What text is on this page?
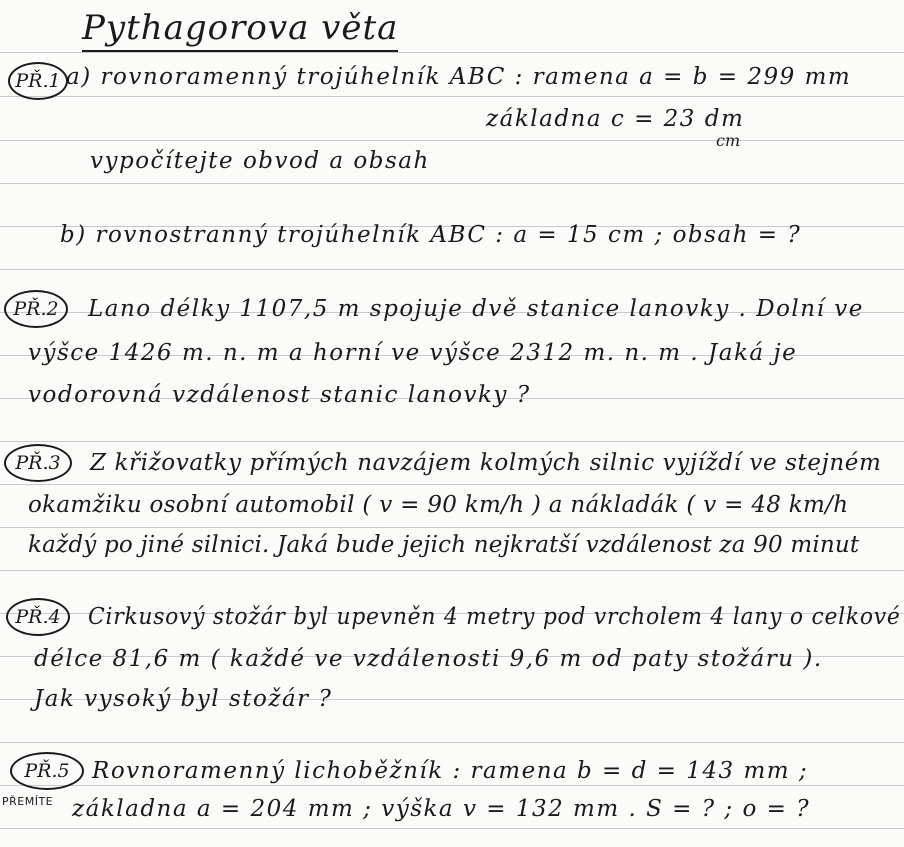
Pythagorova věta
PŘ.1 a) rovnoramenný trojúhelník ABC : ramena a = b = 299 mm
základna c = 23 dm
cm
vypočítejte obvod a obsah
b) rovnostranný trojúhelník ABC : a = 15 cm ; obsah = ?
PŘ.2	Lano délky 1107,5 m spojuje dvě stanice lanovky . Dolní ve
výšce 1426 m. n. m a horní ve výšce 2312 m. n. m . Jaká je
vodorovná vzdálenost stanic lanovky ?
PŘ.3	Z křižovatky přímých navzájem kolmých silnic vyjíždí ve stejném
okamžiku osobní automobil ( v = 90 km/h ) a nákladák ( v = 48 km/h
každý po jiné silnici. Jaká bude jejich nejkratší vzdálenost za 90 minut
PŘ.4	Cirkusový stožár byl upevněn 4 metry pod vrcholem 4 lany o celkové
délce 81,6 m ( každé ve vzdálenosti 9,6 m od paty stožáru ).
Jak vysoký byl stožár ?
PŘ.5 Rovnoramenný lichoběžník : ramena b = d = 143 mm ;
PŘEMÍTE základna a = 204 mm ; výška v = 132 mm . S = ? ; o = ?
